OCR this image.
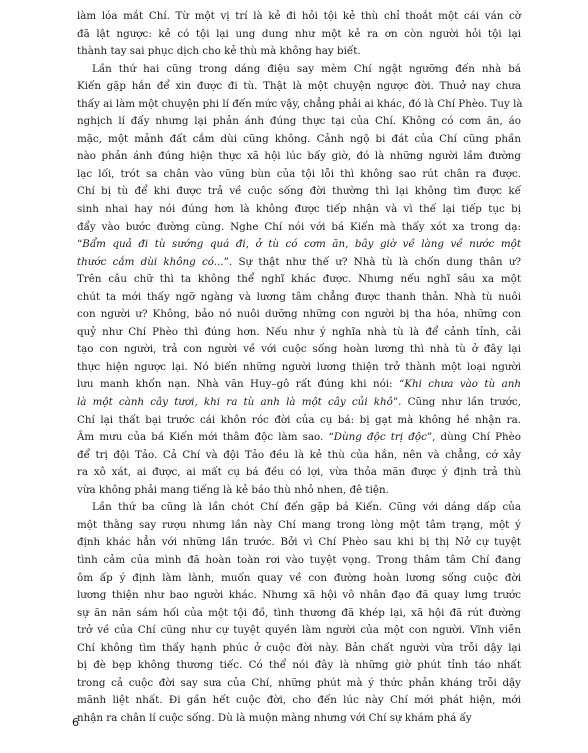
làm lóa mắt Chí. Từ một vị trí là kẻ đi hỏi tội kẻ thù chỉ thoắt một cái ván cờ
đã lật ngược: kẻ có tội lại ung dung như một kẻ ra ơn còn người hỏi tội lại
thành tay sai phục dịch cho kẻ thù mà không hay biết.
Lần thứ hai cũng trong dáng điệu say mèm Chí ngật ngưỡng đến nhà bá
Kiến gặp hắn để xin được đi tù. Thật là một chuyện ngược đời. Thuở nay chưa
thấy ai làm một chuyện phi lí đến mức vậy, chẳng phải ai khác, đó là Chí Phèo. Tuy là
nghịch lí đấy nhưng lại phản ánh đúng thực tại của Chí. Không có cơm ăn, áo
mặc, một mảnh đất cắm dùi cũng không. Cảnh ngộ bi đát của Chí cũng phần
nào phản ánh đúng hiện thực xã hội lúc bấy giờ, đó là những người lầm đường
lạc lối, trót sa chân vào vũng bùn của tội lỗi thì không sao rút chân ra được.
Chí bị tù để khi được trả về cuộc sống đời thường thì lại không tìm được kế
sinh nhai hay nói đúng hơn là không được tiếp nhận và vì thế lại tiếp tục bị
đẩy vào bước đường cùng. Nghe Chí nói với bá Kiến mà thấy xót xa trong dạ:
“Bẩm quả đi tù sướng quá đi, ở tù có cơm ăn, bây giờ về làng về nước một
thước cắm dùi không có...”. Sự thật như thế ư? Nhà tù là chốn dung thân ư?
Trên câu chữ thì ta không thể nghĩ khác được. Nhưng nếu nghĩ sâu xa một
chút ta mới thấy ngỡ ngàng và lương tâm chẳng được thanh thản. Nhà tù nuôi
con người ư? Không, bảo nó nuôi dưỡng những con người bị tha hóa, những con
quỷ như Chí Phèo thì đúng hơn. Nếu như ý nghĩa nhà tù là để cảnh tỉnh, cải
tạo con người, trả con người về với cuộc sống hoàn lương thì nhà tù ở đây lại
thực hiện ngược lại. Nó biến những người lương thiện trở thành một loại người
lưu manh khốn nạn. Nhà văn Huy–gô rất đúng khi nói: “Khi chưa vào tù anh
là một cành cây tươi, khi ra tù anh là một cây củi khô”. Cũng như lần trước,
Chí lại thất bại trước cái khôn róc đời của cụ bá: bị gạt mà không hề nhận ra.
Âm mưu của bá Kiến mới thâm độc làm sao. “Dùng độc trị độc”, dùng Chí Phèo
để trị đội Tảo. Cả Chí và đội Tảo đều là kẻ thù của hắn, nên và chẳng, cớ xảy
ra xô xát, ai được, ai mất cụ bá đều có lợi, vừa thỏa mãn được ý định trả thù
vừa không phải mang tiếng là kẻ báo thù nhỏ nhen, đê tiện.
Lần thứ ba cũng là lần chót Chí đến gặp bá Kiến. Cũng với dáng dấp của
một thằng say rượu nhưng lần này Chí mang trong lòng một tâm trạng, một ý
định khác hẳn với những lần trước. Bởi vì Chí Phèo sau khi bị thị Nở cự tuyệt
tình cảm của mình đã hoàn toàn rơi vào tuyệt vọng. Trong thâm tâm Chí đang
ôm ấp ý định làm lành, muốn quay về con đường hoàn lương sống cuộc đời
lương thiện như bao người khác. Nhưng xã hội vô nhân đạo đã quay lưng trước
sự ăn năn sám hối của một tội đồ, tình thương đã khép lại, xã hội đã rút đường
trở về của Chí cũng như cự tuyệt quyền làm người của một con người. Vĩnh viễn
Chí không tìm thấy hạnh phúc ở cuộc đời này. Bản chất người vừa trỗi dậy lại
bị đè bẹp không thương tiếc. Có thể nói đây là những giờ phút tỉnh táo nhất
trong cả cuộc đời say sưa của Chí, những phút mà ý thức phản kháng trỗi dậy
mãnh liệt nhất. Đi gần hết cuộc đời, cho đến lúc này Chí mới phát hiện, mới
nhận ra chân lí cuộc sống. Dù là muộn màng nhưng với Chí sự khám phá ấy
6
